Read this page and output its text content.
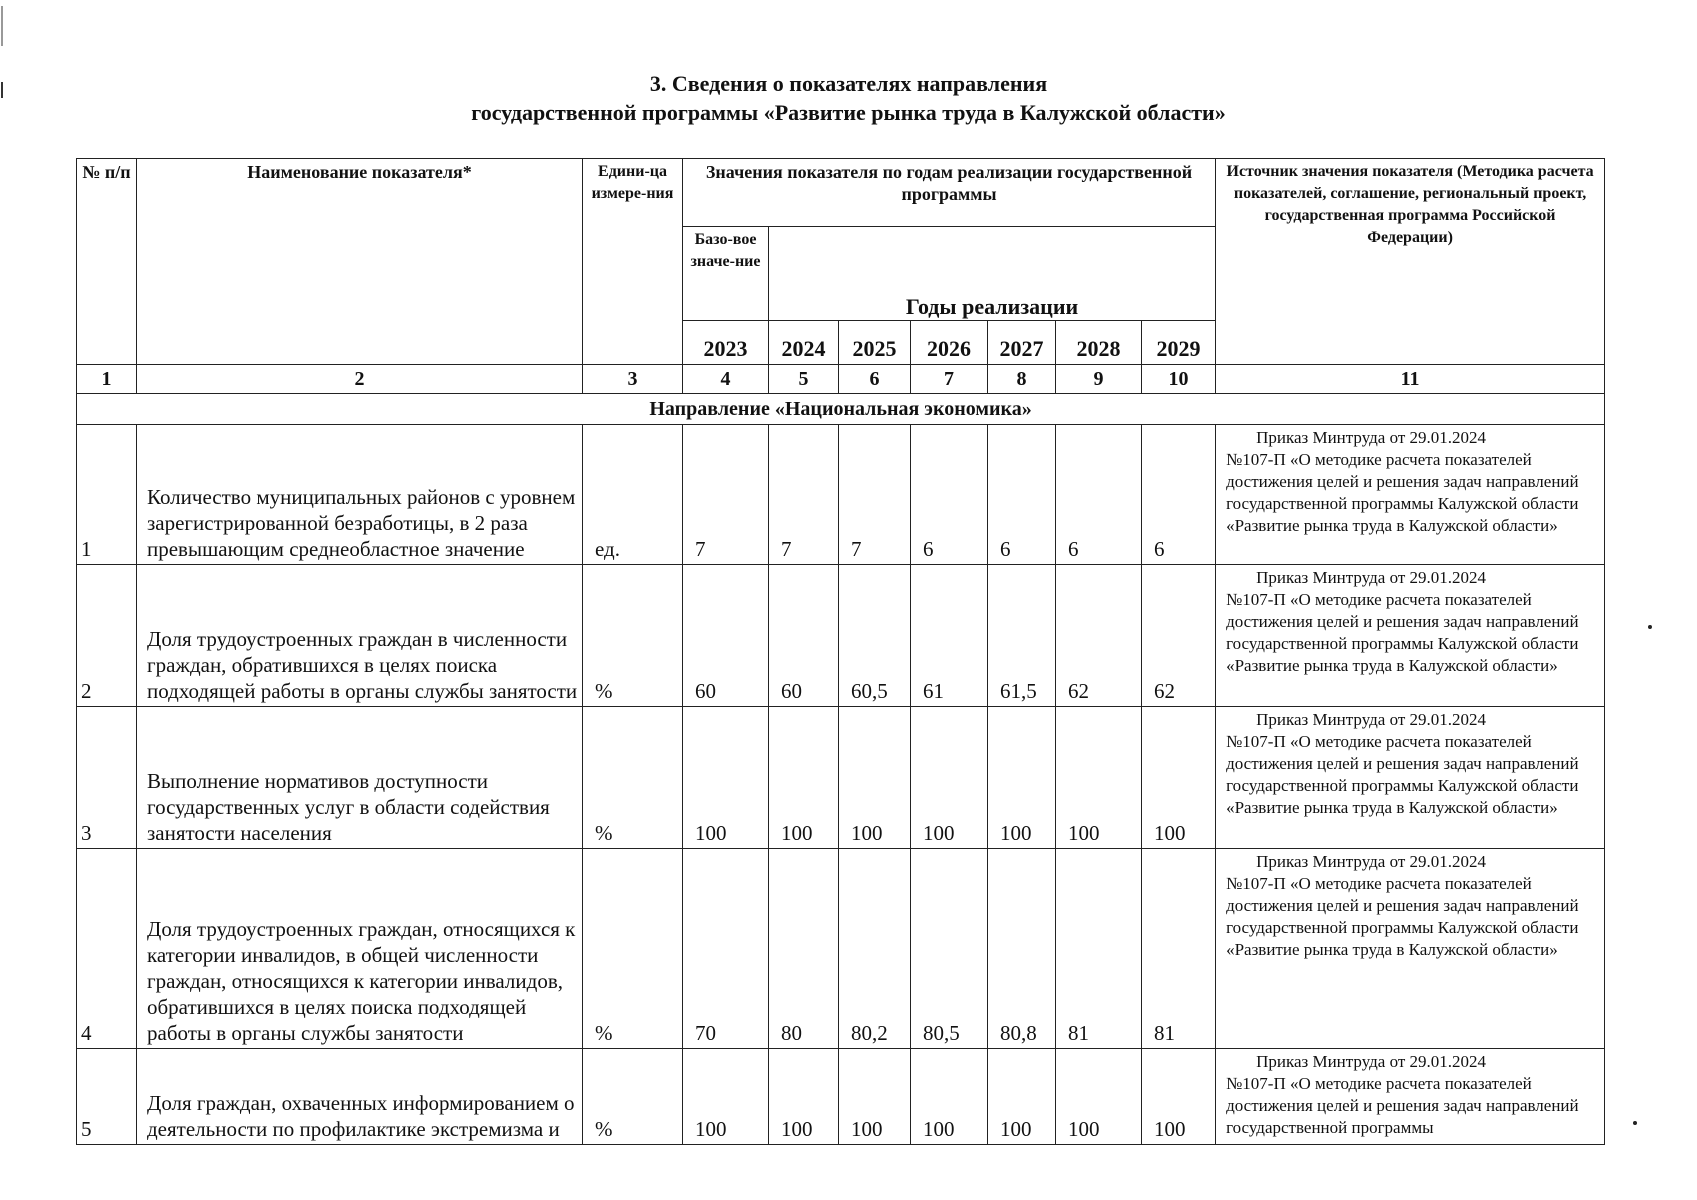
3. Сведения о показателях направления
государственной программы «Развитие рынка труда в Калужской области»
№ п/п	Наименование показателя*	Едини-ца измере-ния	Значения показателя по годам реализации государственной программы							Источник значения показателя (Методика расчета показателей, соглашение, региональный проект, государственная программа Российской Федерации)
			Базо-вое значе-ние	Годы реализации						
			2023	2024	2025	2026	2027	2028	2029	

1	2	3	4	5	6	7	8	9	10	11
Направление «Национальная экономика»										
1	Количество муниципальных районов с уровнем зарегистрированной безработицы, в 2 раза превышающим среднеобластное значение	ед.	7	7	7	6	6	6	6	Приказ Минтруда от 29.01.2024
№107-П «О методике расчета показателей достижения целей и решения задач направлений государственной программы Калужской области «Развитие рынка труда в Калужской области»
2	Доля трудоустроенных граждан в численности граждан, обратившихся в целях поиска подходящей работы в органы службы занятости	%	60	60	60,5	61	61,5	62	62	Приказ Минтруда от 29.01.2024
№107-П «О методике расчета показателей достижения целей и решения задач направлений государственной программы Калужской области «Развитие рынка труда в Калужской области»
3	Выполнение нормативов доступности государственных услуг в области содействия занятости населения	%	100	100	100	100	100	100	100	Приказ Минтруда от 29.01.2024
№107-П «О методике расчета показателей достижения целей и решения задач направлений государственной программы Калужской области «Развитие рынка труда в Калужской области»
4	Доля трудоустроенных граждан, относящихся к категории инвалидов, в общей численности граждан, относящихся к категории инвалидов, обратившихся в целях поиска подходящей работы в органы службы занятости	%	70	80	80,2	80,5	80,8	81	81	Приказ Минтруда от 29.01.2024
№107-П «О методике расчета показателей достижения целей и решения задач направлений государственной программы Калужской области «Развитие рынка труда в Калужской области»
5	Доля граждан, охваченных информированием о деятельности по профилактике экстремизма и	%	100	100	100	100	100	100	100	Приказ Минтруда от 29.01.2024
№107-П «О методике расчета показателей достижения целей и решения задач направлений государственной программы
